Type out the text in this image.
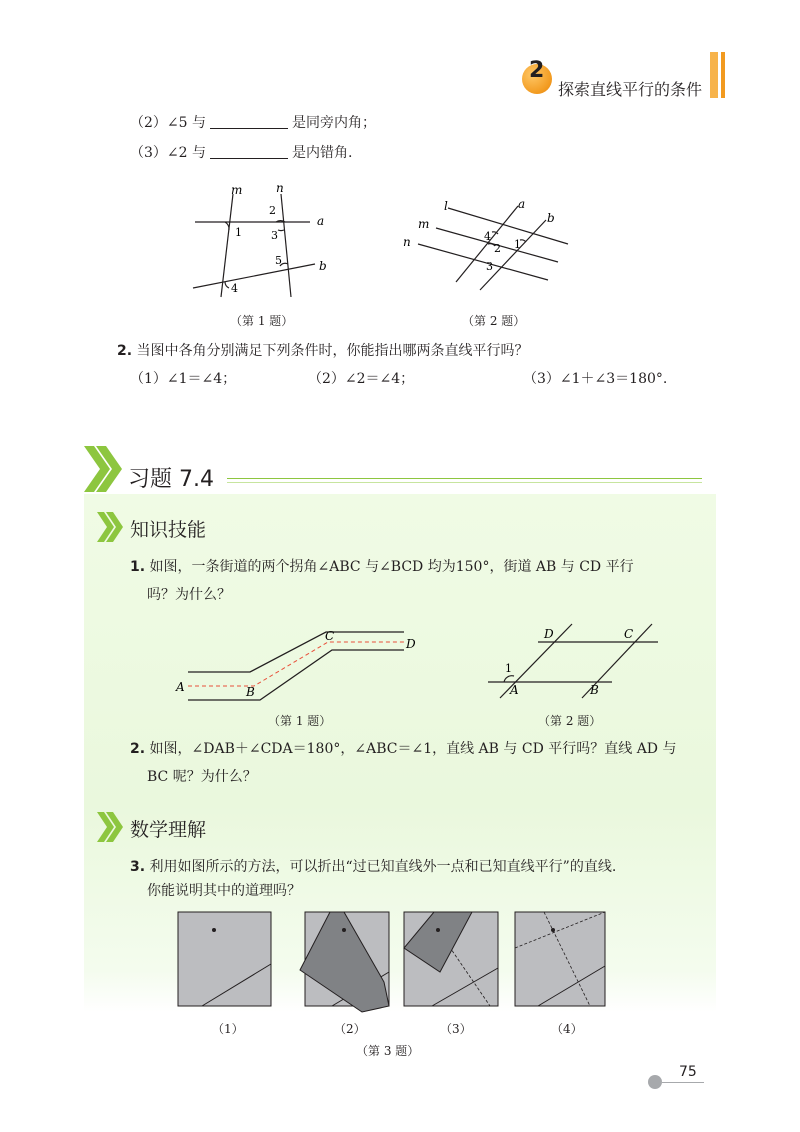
2
探索直线平行的条件
（2）∠5 与	是同旁内角；
（3）∠2 与	是内错角.
m	n
a
b
1
2
3
4
5
（第 1 题）
l
m
n
a
b
1
2
3
4
（第 2 题）
2. 当图中各角分别满足下列条件时，你能指出哪两条直线平行吗？
（1）∠1＝∠4；	（2）∠2＝∠4；	（3）∠1＋∠3＝180°.
习题 7.4
知识技能
1. 如图，一条街道的两个拐角∠ABC 与∠BCD 均为150°，街道 AB 与 CD 平行
吗？为什么？
A	B
C
D
（第 1 题）
1
A	B
C
D
（第 2 题）
2. 如图，∠DAB＋∠CDA＝180°，∠ABC＝∠1，直线 AB 与 CD 平行吗？直线 AD 与
BC 呢？为什么？
数学理解
3. 利用如图所示的方法，可以折出“过已知直线外一点和已知直线平行”的直线.
你能说明其中的道理吗？
（1）	（2）	（3）	（4）
（第 3 题）
75
